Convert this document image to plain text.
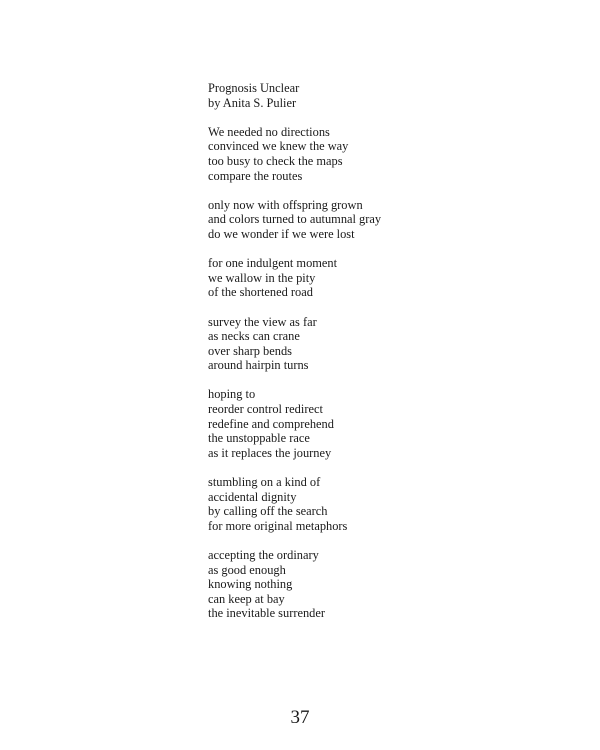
Prognosis Unclear
by Anita S. Pulier
We needed no directions
convinced we knew the way
too busy to check the maps
compare the routes
only now with offspring grown
and colors turned to autumnal gray
do we wonder if we were lost
for one indulgent moment
we wallow in the pity
of the shortened road
survey the view as far
as necks can crane
over sharp bends
around hairpin turns
hoping to
reorder control redirect
redefine and comprehend
the unstoppable race
as it replaces the journey
stumbling on a kind of
accidental dignity
by calling off the search
for more original metaphors
accepting the ordinary
as good enough
knowing nothing
can keep at bay
the inevitable surrender
37
